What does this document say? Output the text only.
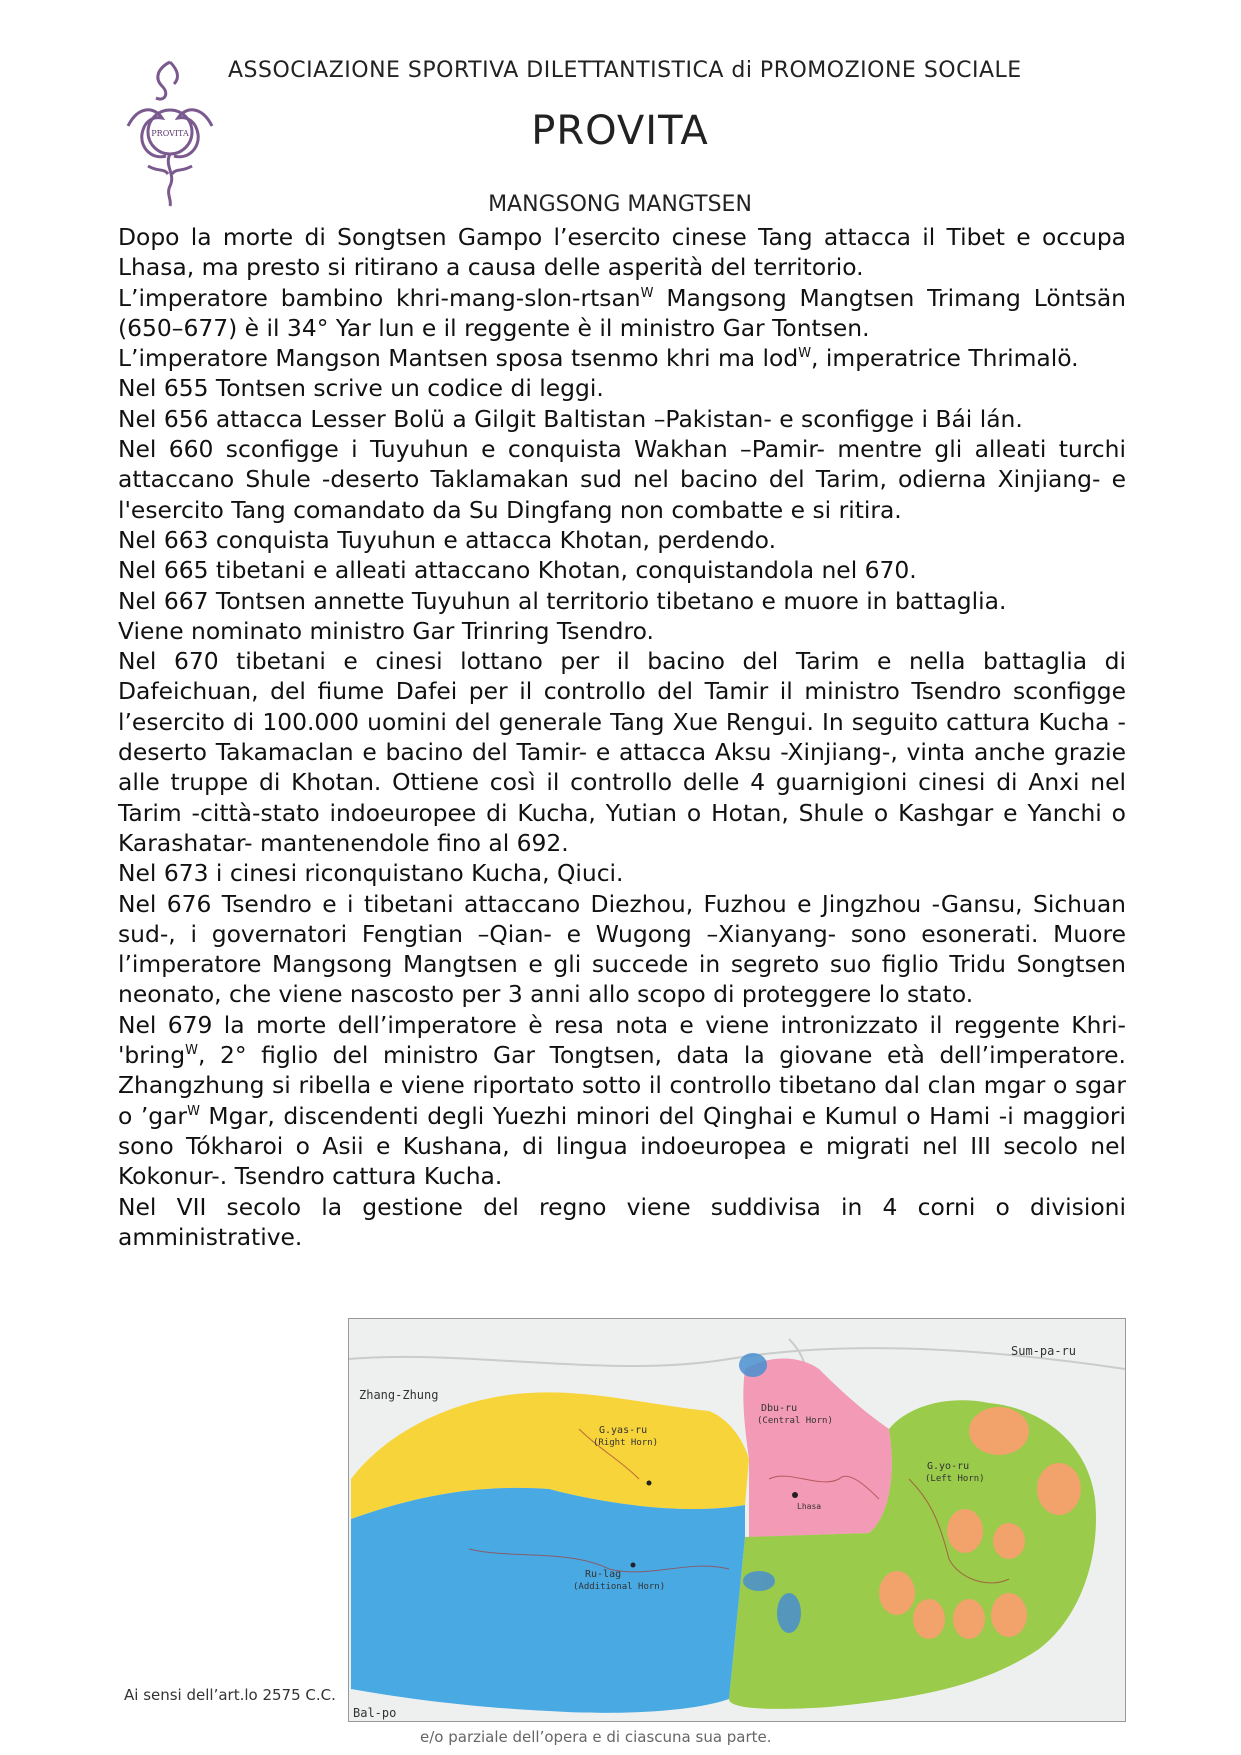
PROVITA
ASSOCIAZIONE SPORTIVA DILETTANTISTICA di PROMOZIONE SOCIALE
PROVITA
MANGSONG MANGTSEN

Dopo la morte di Songtsen Gampo l’esercito cinese Tang attacca il Tibet e occupa Lhasa, ma presto si ritirano a causa delle asperità del territorio.

L’imperatore bambino khri-mang-slon-rtsan$^W$ Mangsong Mangtsen Trimang Löntsän (650–677) è il 34° Yar lun e il reggente è il ministro Gar Tontsen.

L’imperatore Mangson Mantsen sposa tsenmo khri ma lod$^W$, imperatrice Thrimalö.

Nel 655 Tontsen scrive un codice di leggi.

Nel 656 attacca Lesser Bolü a Gilgit Baltistan –Pakistan- e sconfigge i Bái lán.

Nel 660 sconfigge i Tuyuhun e conquista Wakhan –Pamir- mentre gli alleati turchi attaccano Shule -deserto Taklamakan sud nel bacino del Tarim, odierna Xinjiang- e l'esercito Tang comandato da Su Dingfang non combatte e si ritira.

Nel 663 conquista Tuyuhun e attacca Khotan, perdendo.

Nel 665 tibetani e alleati attaccano Khotan, conquistandola nel 670.

Nel 667 Tontsen annette Tuyuhun al territorio tibetano e muore in battaglia.

Viene nominato ministro Gar Trinring Tsendro.

Nel 670 tibetani e cinesi lottano per il bacino del Tarim e nella battaglia di Dafeichuan, del fiume Dafei per il controllo del Tamir il ministro Tsendro sconfigge l’esercito di 100.000 uomini del generale Tang Xue Rengui. In seguito cattura Kucha -deserto Takamaclan e bacino del Tamir- e attacca Aksu -Xinjiang-, vinta anche grazie alle truppe di Khotan. Ottiene così il controllo delle 4 guarnigioni cinesi di Anxi nel Tarim -città-stato indoeuropee di Kucha, Yutian o Hotan, Shule o Kashgar e Yanchi o Karashatar- mantenendole fino al 692.

Nel 673 i cinesi riconquistano Kucha, Qiuci.

Nel 676 Tsendro e i tibetani attaccano Diezhou, Fuzhou e Jingzhou -Gansu, Sichuan sud-, i governatori Fengtian –Qian- e Wugong –Xianyang- sono esonerati. Muore l’imperatore Mangsong Mangtsen e gli succede in segreto suo figlio Tridu Songtsen neonato, che viene nascosto per 3 anni allo scopo di proteggere lo stato.

Nel 679 la morte dell’imperatore è resa nota e viene intronizzato il reggente Khri-'bring$^W$, 2° figlio del ministro Gar Tongtsen, data la giovane età dell’imperatore. Zhangzhung si ribella e viene riportato sotto il controllo tibetano dal clan mgar o sgar o ’gar$^W$ Mgar, discendenti degli Yuezhi minori del Qinghai e Kumul o Hami -i maggiori sono Tókharoi o Asii e Kushana, di lingua indoeuropea e migrati nel III secolo nel Kokonur-. Tsendro cattura Kucha.

Nel VII secolo la gestione del regno viene suddivisa in 4 corni o divisioni amministrative.

Sum-pa-ru
Zhang-Zhung
G.yas-ru
(Right Horn)
Dbu-ru
(Central Horn)
G.yo-ru
(Left Horn)
Ru-lag
(Additional Horn)
Bal-po
Lhasa
Ai sensi dell’art.lo 2575 C.C.
e/o parziale dell’opera e di ciascuna sua parte.
